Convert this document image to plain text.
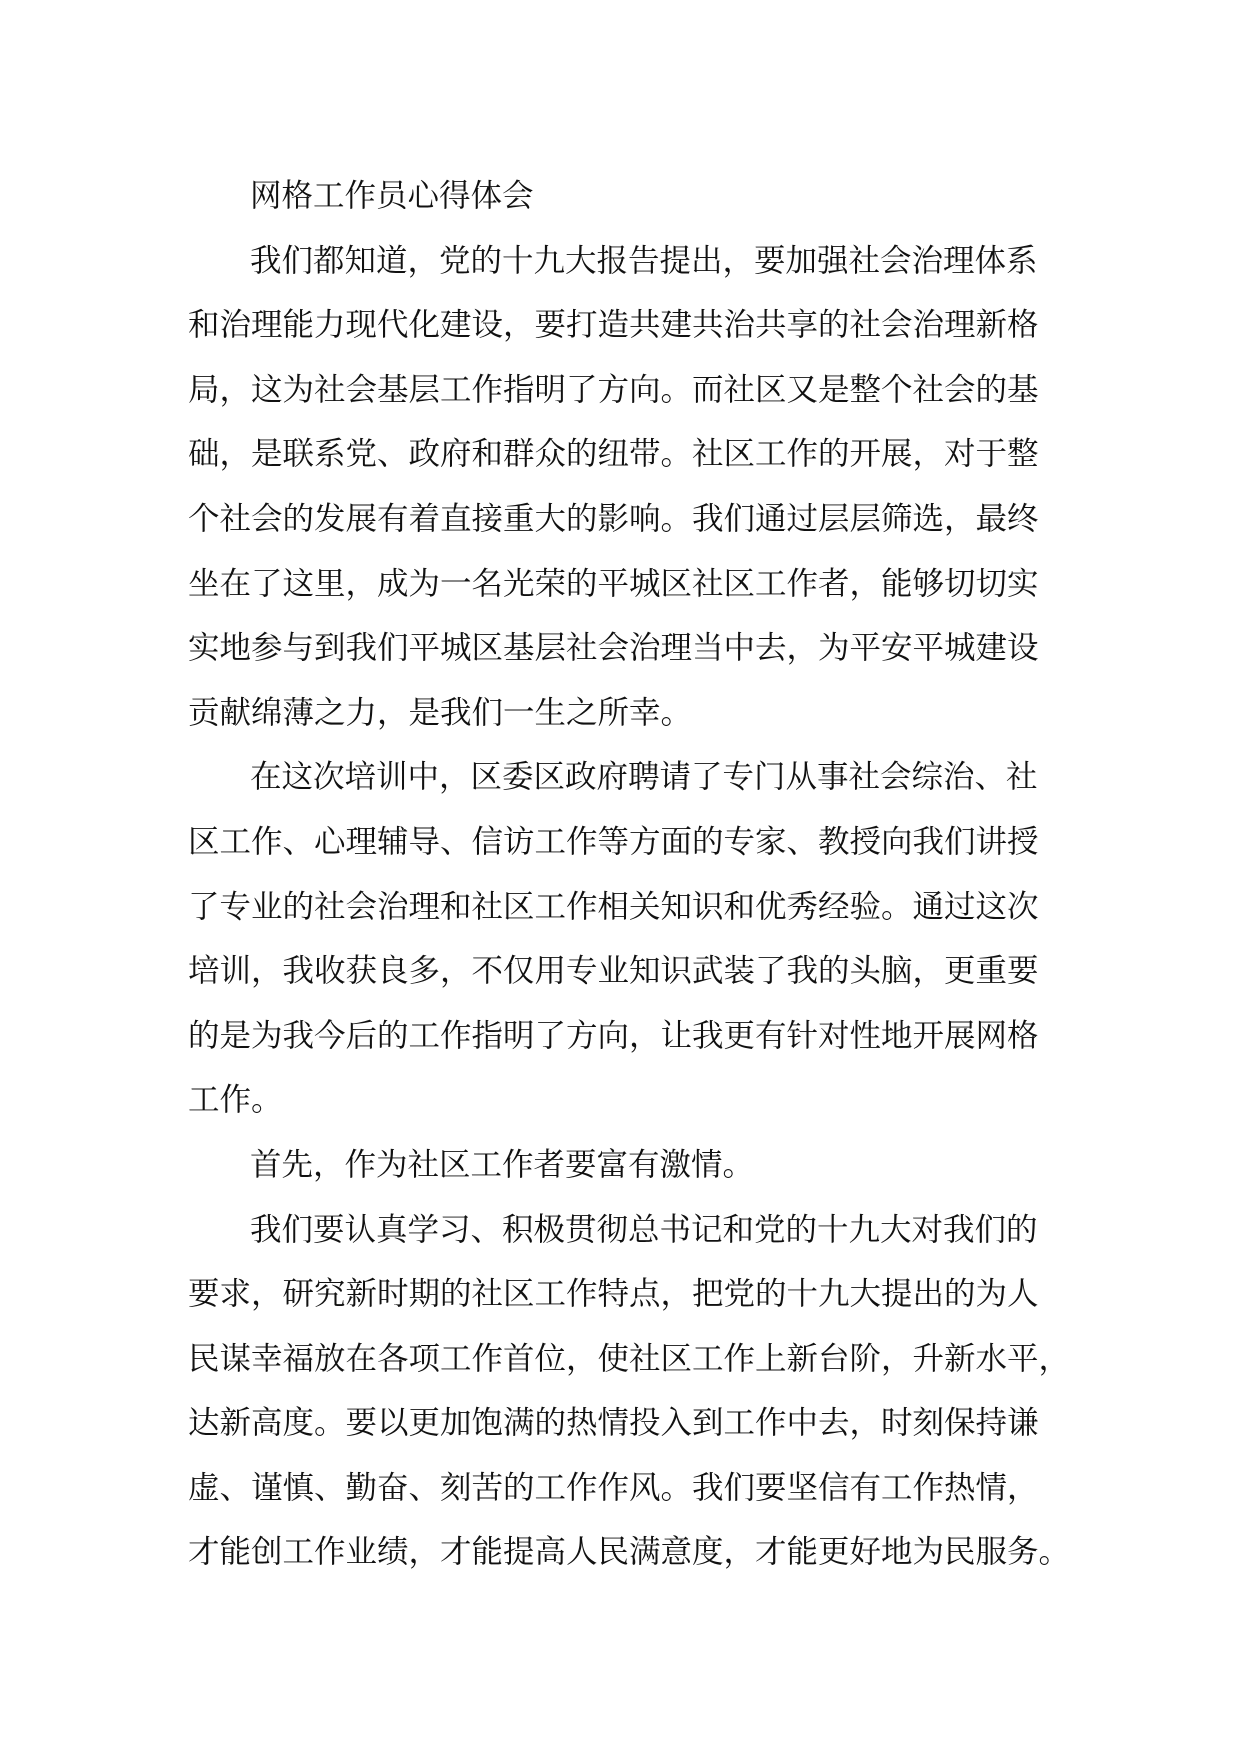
网格工作员心得体会
我们都知道，党的十九大报告提出，要加强社会治理体系
和治理能力现代化建设，要打造共建共治共享的社会治理新格
局，这为社会基层工作指明了方向。而社区又是整个社会的基
础，是联系党、政府和群众的纽带。社区工作的开展，对于整
个社会的发展有着直接重大的影响。我们通过层层筛选，最终
坐在了这里，成为一名光荣的平城区社区工作者，能够切切实
实地参与到我们平城区基层社会治理当中去，为平安平城建设
贡献绵薄之力，是我们一生之所幸。
在这次培训中，区委区政府聘请了专门从事社会综治、社
区工作、心理辅导、信访工作等方面的专家、教授向我们讲授
了专业的社会治理和社区工作相关知识和优秀经验。通过这次
培训，我收获良多，不仅用专业知识武装了我的头脑，更重要
的是为我今后的工作指明了方向，让我更有针对性地开展网格
工作。
首先，作为社区工作者要富有激情。
我们要认真学习、积极贯彻总书记和党的十九大对我们的
要求，研究新时期的社区工作特点，把党的十九大提出的为人
民谋幸福放在各项工作首位，使社区工作上新台阶，升新水平，
达新高度。要以更加饱满的热情投入到工作中去，时刻保持谦
虚、谨慎、勤奋、刻苦的工作作风。我们要坚信有工作热情，
才能创工作业绩，才能提高人民满意度，才能更好地为民服务。
